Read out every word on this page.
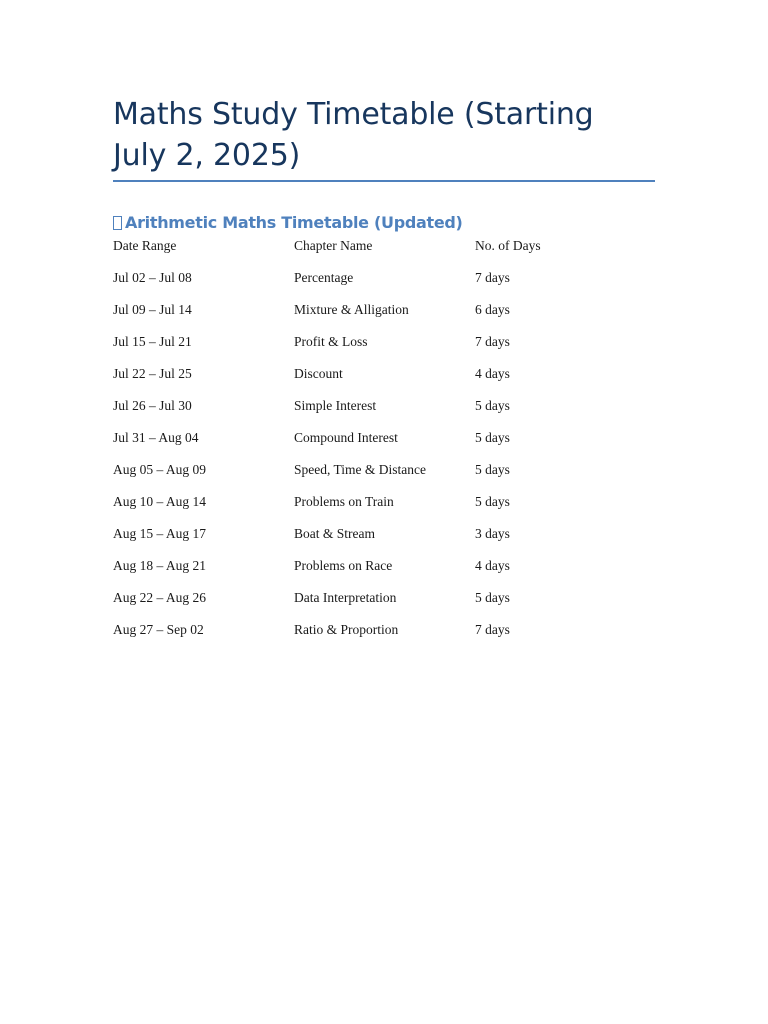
Maths Study Timetable (Starting July 2, 2025)
Arithmetic Maths Timetable (Updated)
Date Range	Chapter Name	No. of Days
Jul 02 – Jul 08	Percentage	7 days
Jul 09 – Jul 14	Mixture & Alligation	6 days
Jul 15 – Jul 21	Profit & Loss	7 days
Jul 22 – Jul 25	Discount	4 days
Jul 26 – Jul 30	Simple Interest	5 days
Jul 31 – Aug 04	Compound Interest	5 days
Aug 05 – Aug 09	Speed, Time & Distance	5 days
Aug 10 – Aug 14	Problems on Train	5 days
Aug 15 – Aug 17	Boat & Stream	3 days
Aug 18 – Aug 21	Problems on Race	4 days
Aug 22 – Aug 26	Data Interpretation	5 days
Aug 27 – Sep 02	Ratio & Proportion	7 days
